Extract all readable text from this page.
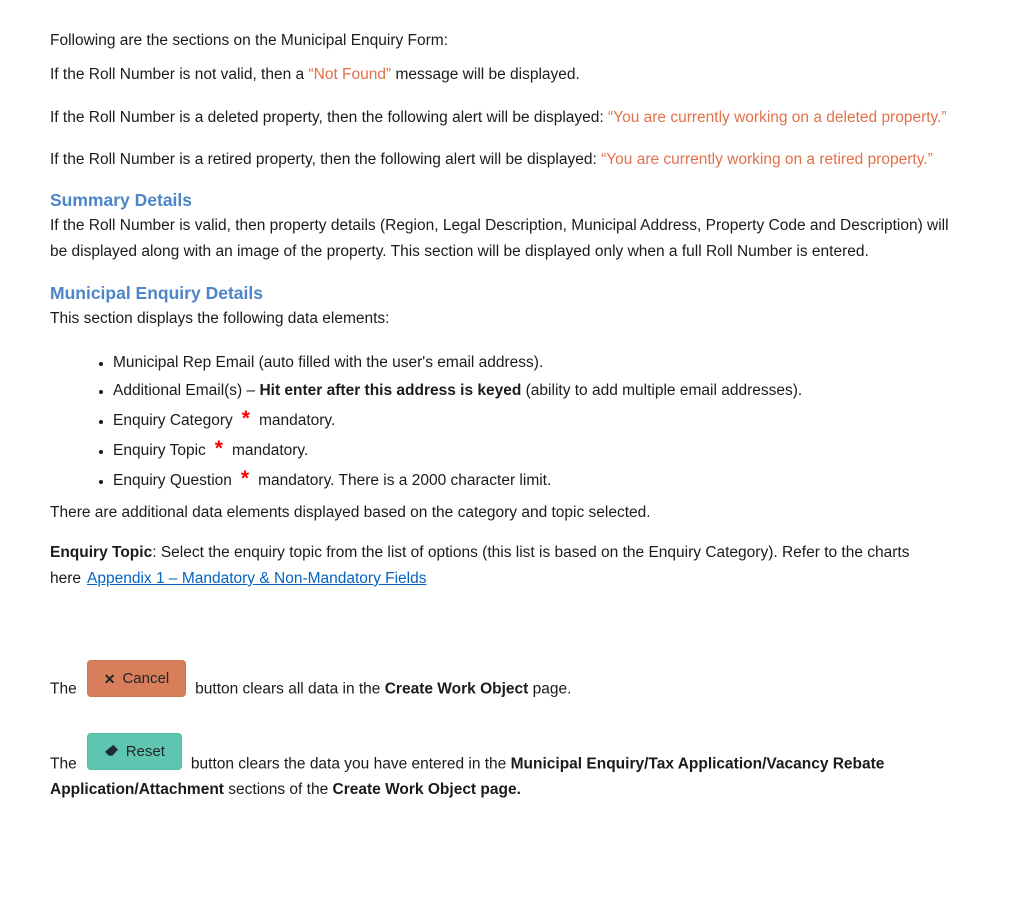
Following are the sections on the Municipal Enquiry Form:

If the Roll Number is not valid, then a “Not Found” message will be displayed.

If the Roll Number is a deleted property, then the following alert will be displayed: “You are currently working on a deleted property.”

If the Roll Number is a retired property, then the following alert will be displayed: “You are currently working on a retired property.”

Summary Details

If the Roll Number is valid, then property details (Region, Legal Description, Municipal Address, Property Code and Description) will be displayed along with an image of the property. This section will be displayed only when a full Roll Number is entered.

Municipal Enquiry Details

This section displays the following data elements:

• Municipal Rep Email (auto filled with the user's email address).
• Additional Email(s) – Hit enter after this address is keyed (ability to add multiple email addresses).
• Enquiry Category * mandatory.
• Enquiry Topic * mandatory.
• Enquiry Question * mandatory. There is a 2000 character limit.

There are additional data elements displayed based on the category and topic selected.

Enquiry Topic: Select the enquiry topic from the list of options (this list is based on the Enquiry Category). Refer to the charts here Appendix 1 – Mandatory & Non-Mandatory Fields

The
✕ Cancel
button clears all data in the Create Work Object page.

The
Reset
button clears the data you have entered in the Municipal Enquiry/Tax Application/Vacancy Rebate Application/Attachment sections of the Create Work Object page.
